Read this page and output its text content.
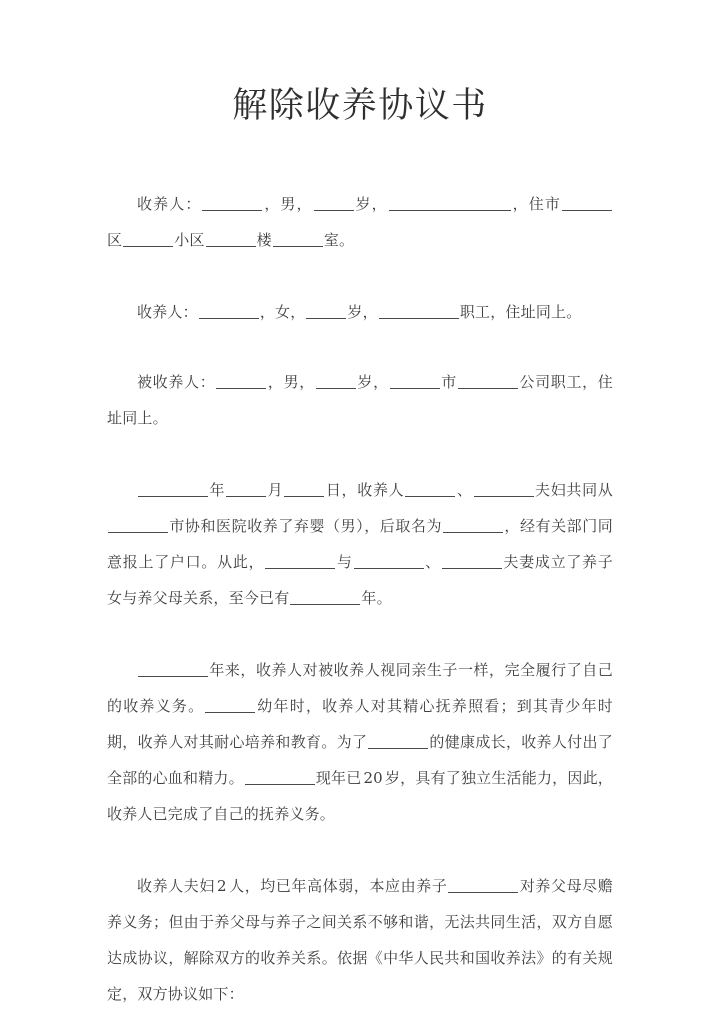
解除收养协议书

收养人：	，男，	岁，	，住市区	小区	楼	室。

收养人：	，女，	岁，	职工，住址同上。

被收养人：	，男，	岁，	市	公司职工，住址同上。

年	月	日，收养人	、	夫妇共同从市协和医院收养了弃婴（男），后取名为	，经有关部门同意报上了户口。从此，	与	、	夫妻成立了养子女与养父母关系，至今已有	年。

年来，收养人对被收养人视同亲生子一样，完全履行了自己的收养义务。	幼年时，收养人对其精心抚养照看；到其青少年时期，收养人对其耐心培养和教育。为了	的健康成长，收养人付出了全部的心血和精力。	现年已 20 岁，具有了独立生活能力，因此，收养人已完成了自己的抚养义务。

收养人夫妇 2 人，均已年高体弱，本应由养子	对养父母尽赡养义务；但由于养父母与养子之间关系不够和谐，无法共同生活，双方自愿达成协议，解除双方的收养关系。依据《中华人民共和国收养法》的有关规定，双方协议如下：
